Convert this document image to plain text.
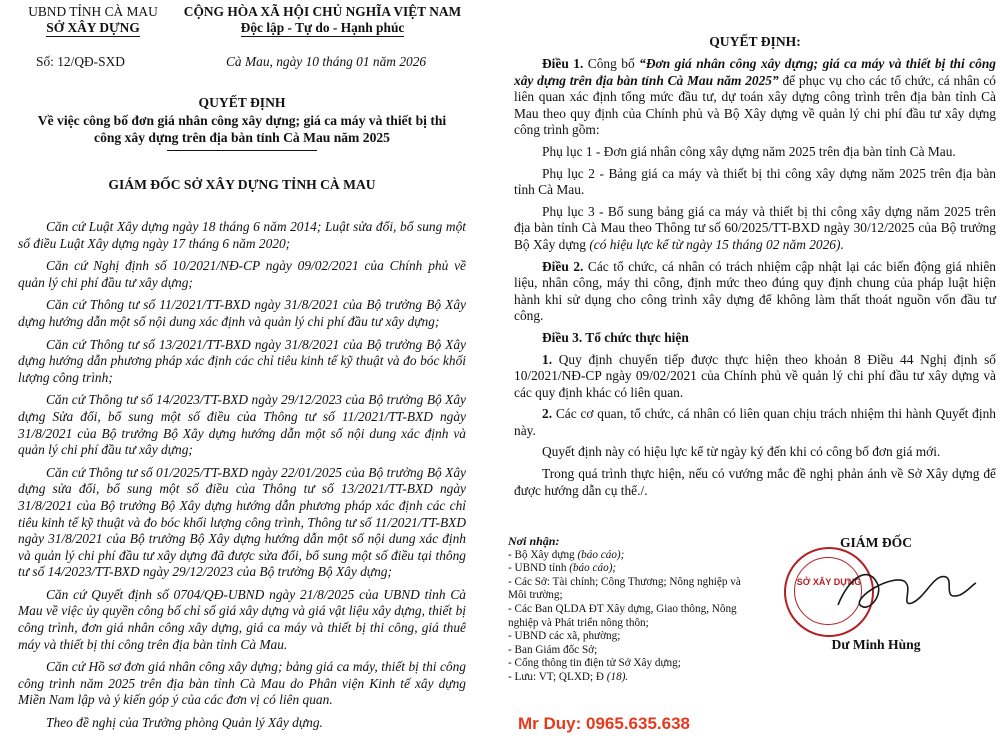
UBND TỈNH CÀ MAU
SỞ XÂY DỰNG
CỘNG HÒA XÃ HỘI CHỦ NGHĨA VIỆT NAM
Độc lập - Tự do - Hạnh phúc
Số: 12/QĐ-SXD	Cà Mau, ngày 10 tháng 01 năm 2026
QUYẾT ĐỊNH
Về việc công bố đơn giá nhân công xây dựng; giá ca máy và thiết bị thi công xây dựng trên địa bàn tỉnh Cà Mau năm 2025
GIÁM ĐỐC SỞ XÂY DỰNG TỈNH CÀ MAU

Căn cứ Luật Xây dựng ngày 18 tháng 6 năm 2014; Luật sửa đổi, bổ sung một số điều Luật Xây dựng ngày 17 tháng 6 năm 2020;

Căn cứ Nghị định số 10/2021/NĐ-CP ngày 09/02/2021 của Chính phủ về quản lý chi phí đầu tư xây dựng;

Căn cứ Thông tư số 11/2021/TT-BXD ngày 31/8/2021 của Bộ trưởng Bộ Xây dựng hướng dẫn một số nội dung xác định và quản lý chi phí đầu tư xây dựng;

Căn cứ Thông tư số 13/2021/TT-BXD ngày 31/8/2021 của Bộ trưởng Bộ Xây dựng hướng dẫn phương pháp xác định các chỉ tiêu kinh tế kỹ thuật và đo bóc khối lượng công trình;

Căn cứ Thông tư số 14/2023/TT-BXD ngày 29/12/2023 của Bộ trưởng Bộ Xây dựng Sửa đổi, bổ sung một số điều của Thông tư số 11/2021/TT-BXD ngày 31/8/2021 của Bộ trưởng Bộ Xây dựng hướng dẫn một số nội dung xác định và quản lý chi phí đầu tư xây dựng;

Căn cứ Thông tư số 01/2025/TT-BXD ngày 22/01/2025 của Bộ trưởng Bộ Xây dựng sửa đổi, bổ sung một số điều của Thông tư số 13/2021/TT-BXD ngày 31/8/2021 của Bộ trưởng Bộ Xây dựng hướng dẫn phương pháp xác định các chỉ tiêu kinh tế kỹ thuật và đo bóc khối lượng công trình, Thông tư số 11/2021/TT-BXD ngày 31/8/2021 của Bộ trưởng Bộ Xây dựng hướng dẫn một số nội dung xác định và quản lý chi phí đầu tư xây dựng đã được sửa đổi, bổ sung một số điều tại thông tư số 14/2023/TT-BXD ngày 29/12/2023 của Bộ trưởng Bộ Xây dựng;

Căn cứ Quyết định số 0704/QĐ-UBND ngày 21/8/2025 của UBND tỉnh Cà Mau về việc ủy quyền công bố chỉ số giá xây dựng và giá vật liệu xây dựng, thiết bị công trình, đơn giá nhân công xây dựng, giá ca máy và thiết bị thi công, giá thuê máy và thiết bị thi công trên địa bàn tỉnh Cà Mau.

Căn cứ Hồ sơ đơn giá nhân công xây dựng; bảng giá ca máy, thiết bị thi công công trình năm 2025 trên địa bàn tỉnh Cà Mau do Phân viện Kinh tế xây dựng Miền Nam lập và ý kiến góp ý của các đơn vị có liên quan.

Theo đề nghị của Trưởng phòng Quản lý Xây dựng.

QUYẾT ĐỊNH:

Điều 1. Công bố “Đơn giá nhân công xây dựng; giá ca máy và thiết bị thi công xây dựng trên địa bàn tỉnh Cà Mau năm 2025” để phục vụ cho các tổ chức, cá nhân có liên quan xác định tổng mức đầu tư, dự toán xây dựng công trình trên địa bàn tỉnh Cà Mau theo quy định của Chính phủ và Bộ Xây dựng về quản lý chi phí đầu tư xây dựng công trình gồm:

Phụ lục 1 - Đơn giá nhân công xây dựng năm 2025 trên địa bàn tỉnh Cà Mau.

Phụ lục 2 - Bảng giá ca máy và thiết bị thi công xây dựng năm 2025 trên địa bàn tỉnh Cà Mau.

Phụ lục 3 - Bổ sung bảng giá ca máy và thiết bị thi công xây dựng năm 2025 trên địa bàn tỉnh Cà Mau theo Thông tư số 60/2025/TT-BXD ngày 30/12/2025 của Bộ trưởng Bộ Xây dựng (có hiệu lực kể từ ngày 15 tháng 02 năm 2026).

Điều 2. Các tổ chức, cá nhân có trách nhiệm cập nhật lại các biến động giá nhiên liệu, nhân công, máy thi công, định mức theo đúng quy định chung của pháp luật hiện hành khi sử dụng cho công trình xây dựng để không làm thất thoát nguồn vốn đầu tư công.

Điều 3. Tổ chức thực hiện

1. Quy định chuyển tiếp được thực hiện theo khoản 8 Điều 44 Nghị định số 10/2021/NĐ-CP ngày 09/02/2021 của Chính phủ về quản lý chi phí đầu tư xây dựng và các quy định khác có liên quan.

2. Các cơ quan, tổ chức, cá nhân có liên quan chịu trách nhiệm thi hành Quyết định này.

Quyết định này có hiệu lực kể từ ngày ký đến khi có công bố đơn giá mới.

Trong quá trình thực hiện, nếu có vướng mắc đề nghị phản ánh về Sở Xây dựng để được hướng dẫn cụ thể./.

Nơi nhận:
- Bộ Xây dựng (báo cáo);
- UBND tỉnh (báo cáo);
- Các Sở: Tài chính; Công Thương; Nông nghiệp và Môi trường;
- Các Ban QLDA ĐT Xây dựng, Giao thông, Nông nghiệp và Phát triển nông thôn;
- UBND các xã, phường;
- Ban Giám đốc Sở;
- Cổng thông tin điện tử Sở Xây dựng;
- Lưu: VT; QLXD; Đ (18).
GIÁM ĐỐC
SỞ XÂY DỰNG
Dư Minh Hùng
Mr Duy: 0965.635.638
